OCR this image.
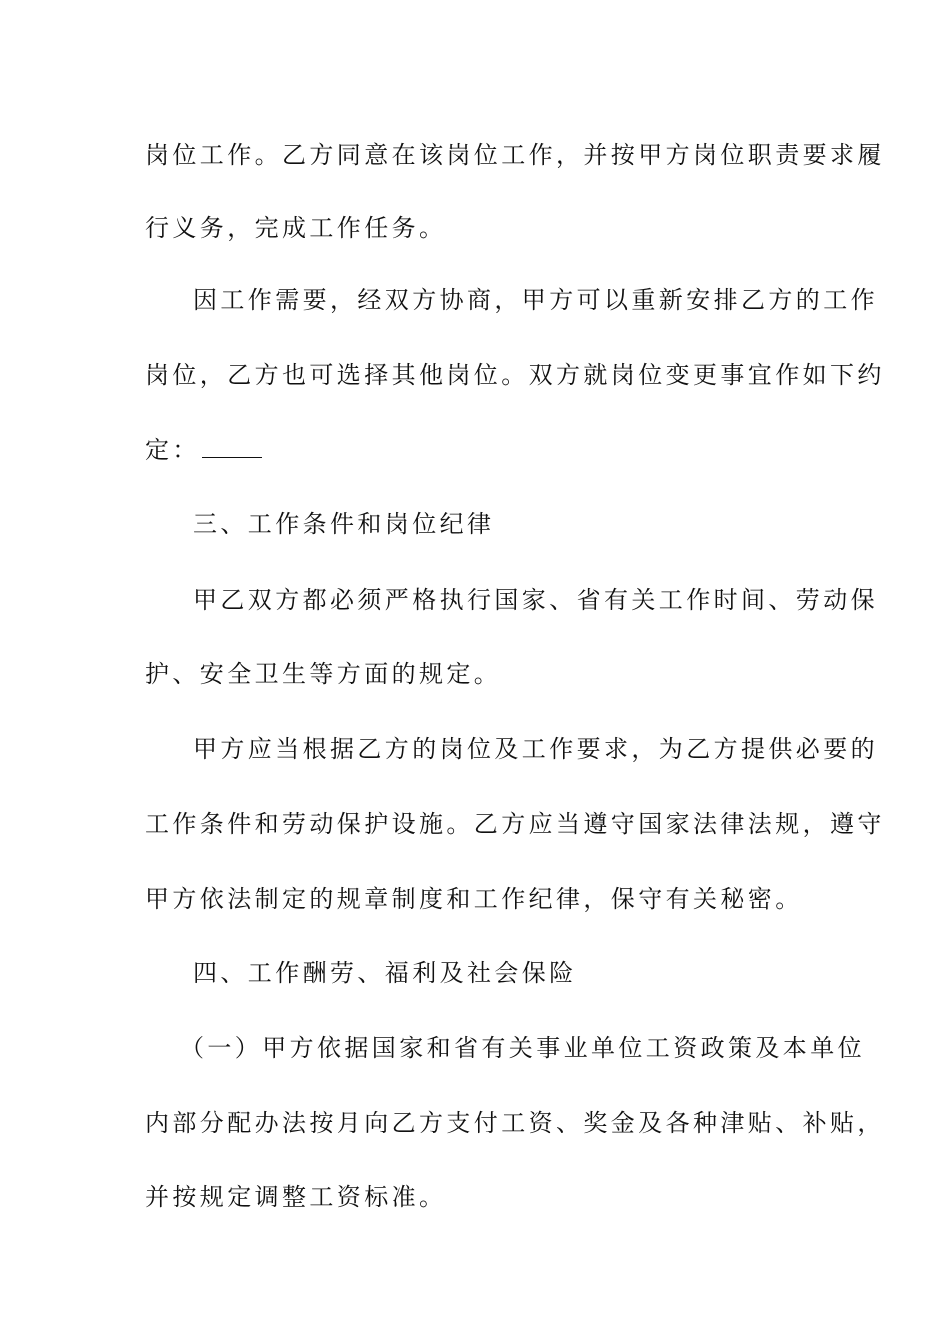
岗位工作。乙方同意在该岗位工作，并按甲方岗位职责要求履
行义务，完成工作任务。
因工作需要，经双方协商，甲方可以重新安排乙方的工作
岗位，乙方也可选择其他岗位。双方就岗位变更事宜作如下约
定：
三、工作条件和岗位纪律
甲乙双方都必须严格执行国家、省有关工作时间、劳动保
护、安全卫生等方面的规定。
甲方应当根据乙方的岗位及工作要求，为乙方提供必要的
工作条件和劳动保护设施。乙方应当遵守国家法律法规，遵守
甲方依法制定的规章制度和工作纪律，保守有关秘密。
四、工作酬劳、福利及社会保险
（一）甲方依据国家和省有关事业单位工资政策及本单位
内部分配办法按月向乙方支付工资、奖金及各种津贴、补贴，
并按规定调整工资标准。
